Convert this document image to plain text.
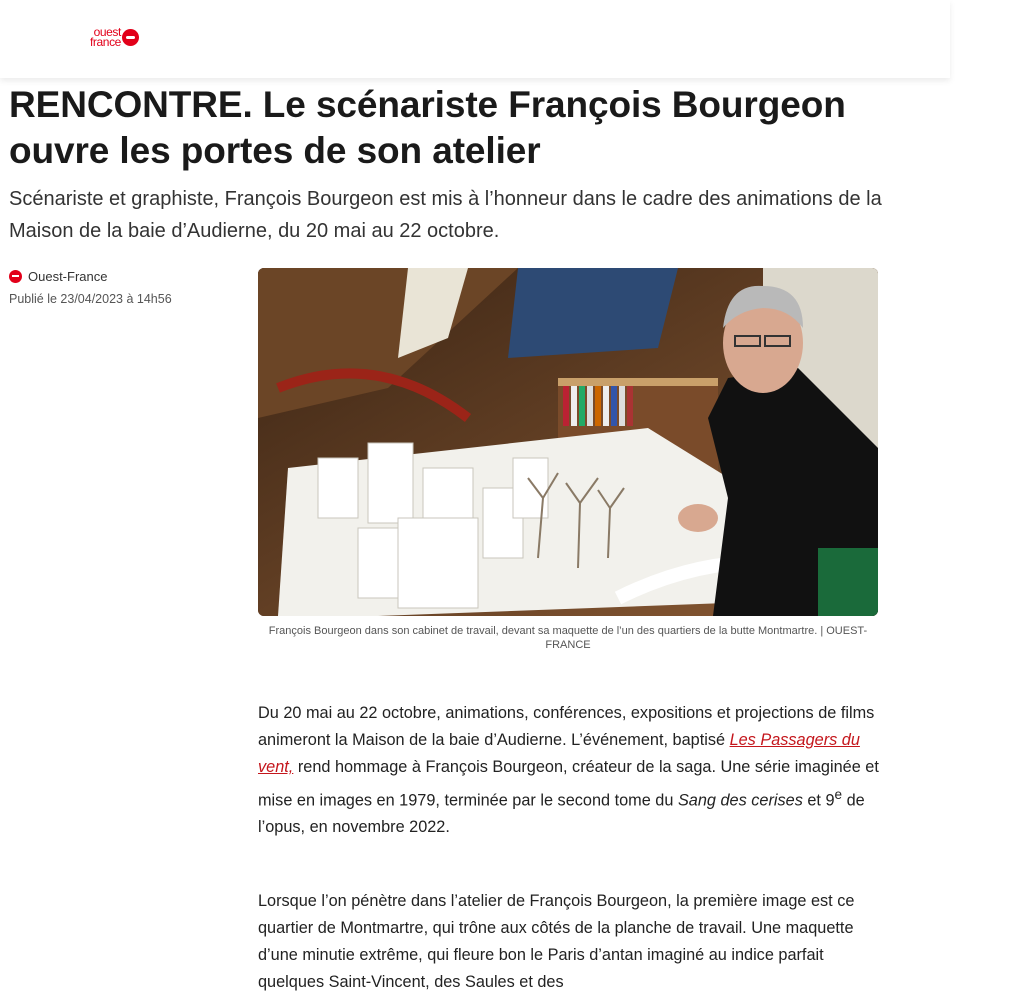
ouest
france
RENCONTRE. Le scénariste François Bourgeon ouvre les portes de son atelier

Scénariste et graphiste, François Bourgeon est mis à l’honneur dans le cadre des animations de la Maison de la baie d’Audierne, du 20 mai au 22 octobre.

Ouest-France
Publié le 23/04/2023 à 14h56
François Bourgeon dans son cabinet de travail, devant sa maquette de l’un des quartiers de la butte Montmartre. | OUEST-FRANCE

Du 20 mai au 22 octobre, animations, conférences, expositions et projections de films animeront la Maison de la baie d’Audierne. L’événement, baptisé Les Passagers du vent, rend hommage à François Bourgeon, créateur de la saga. Une série imaginée et mise en images en 1979, terminée par le second tome du Sang des cerises et 9e de l’opus, en novembre 2022.

Lorsque l’on pénètre dans l’atelier de François Bourgeon, la première image est ce quartier de Montmartre, qui trône aux côtés de la planche de travail. Une maquette d’une minutie extrême, qui fleure bon le Paris d’antan imaginé au indice parfait quelques Saint-Vincent, des Saules et des
